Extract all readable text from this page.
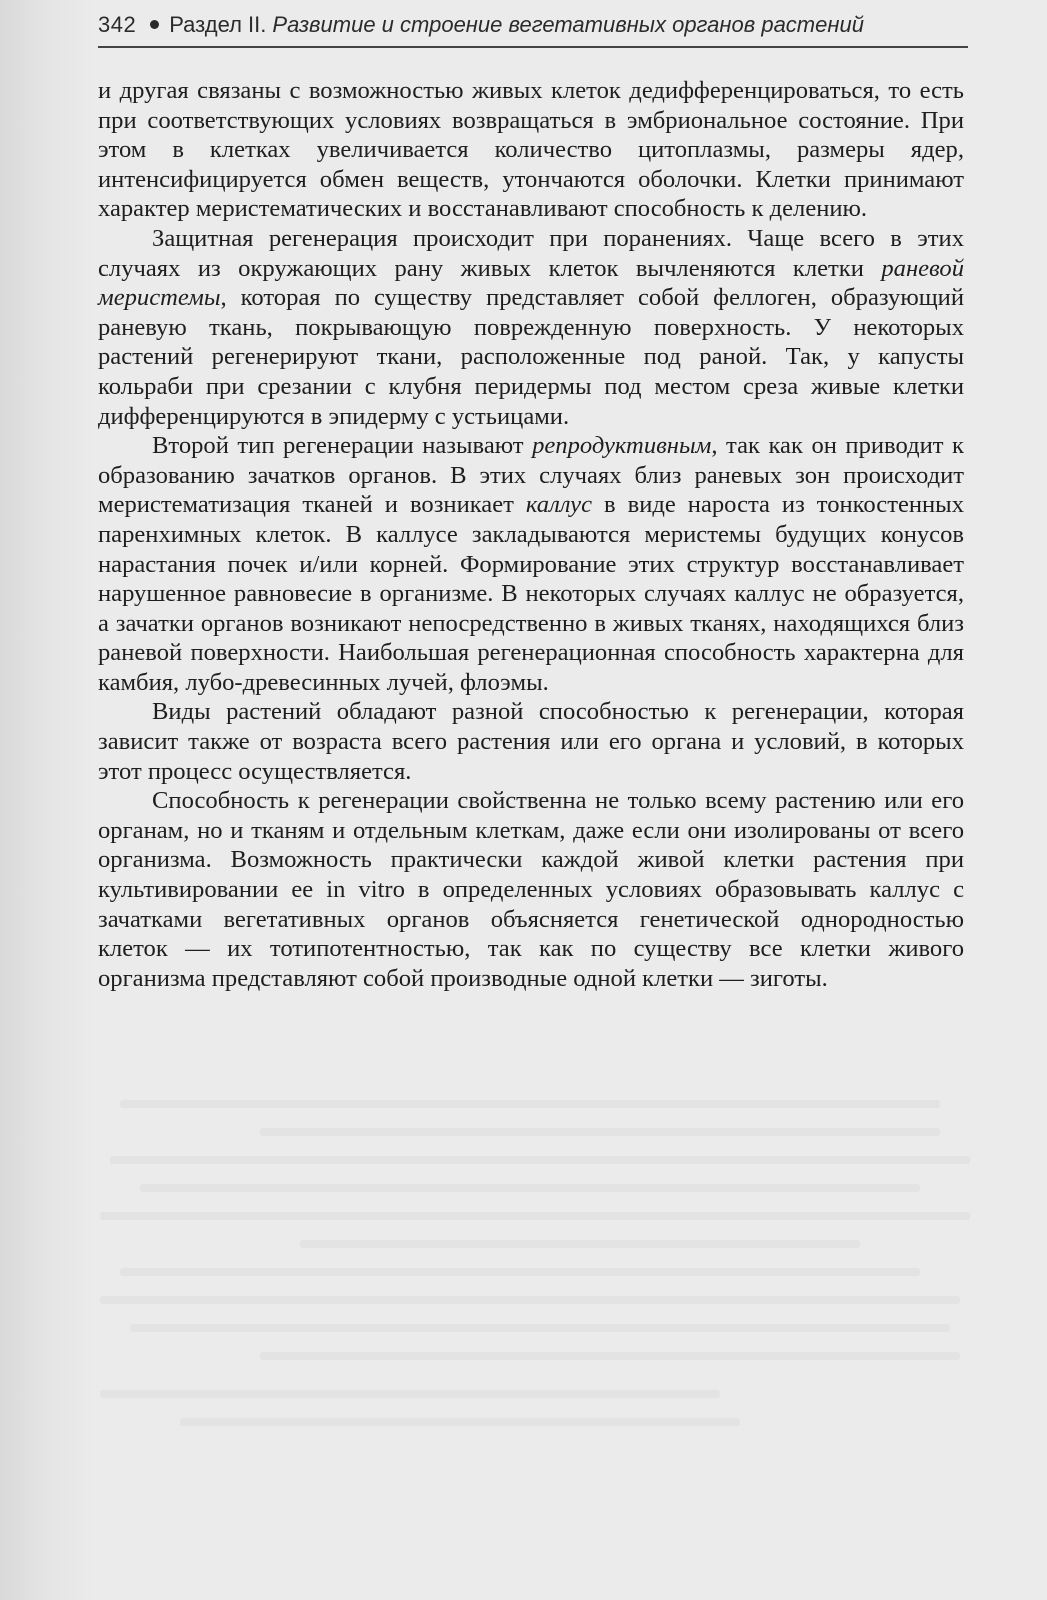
342 Раздел II. Развитие и строение вегетативных органов растений

и другая связаны с возможностью живых клеток дедифференцироваться, то есть при соответствующих условиях возвращаться в эмбриональное состояние. При этом в клетках увеличивается количество цитоплазмы, размеры ядер, интенсифицируется обмен веществ, утончаются оболочки. Клетки принимают характер меристематических и восстанавливают способность к делению.

Защитная регенерация происходит при поранениях. Чаще всего в этих случаях из окружающих рану живых клеток вычленяются клетки раневой меристемы, которая по существу представляет собой феллоген, образующий раневую ткань, покрывающую поврежденную поверхность. У некоторых растений регенерируют ткани, расположенные под раной. Так, у капусты кольраби при срезании с клубня перидермы под местом среза живые клетки дифференцируются в эпидерму с устьицами.

Второй тип регенерации называют репродуктивным, так как он приводит к образованию зачатков органов. В этих случаях близ раневых зон происходит меристематизация тканей и возникает каллус в виде нароста из тонкостенных паренхимных клеток. В каллусе закладываются меристемы будущих конусов нарастания почек и/или корней. Формирование этих структур восстанавливает нарушенное равновесие в организме. В некоторых случаях каллус не образуется, а зачатки органов возникают непосредственно в живых тканях, находящихся близ раневой поверхности. Наибольшая регенерационная способность характерна для камбия, лубо-древесинных лучей, флоэмы.

Виды растений обладают разной способностью к регенерации, которая зависит также от возраста всего растения или его органа и условий, в которых этот процесс осуществляется.

Способность к регенерации свойственна не только всему растению или его органам, но и тканям и отдельным клеткам, даже если они изолированы от всего организма. Возможность практически каждой живой клетки растения при культивировании ее in vitro в определенных условиях образовывать каллус с зачатками вегетативных органов объясняется генетической однородностью клеток — их тотипотентностью, так как по существу все клетки живого организма представляют собой производные одной клетки — зиготы.
